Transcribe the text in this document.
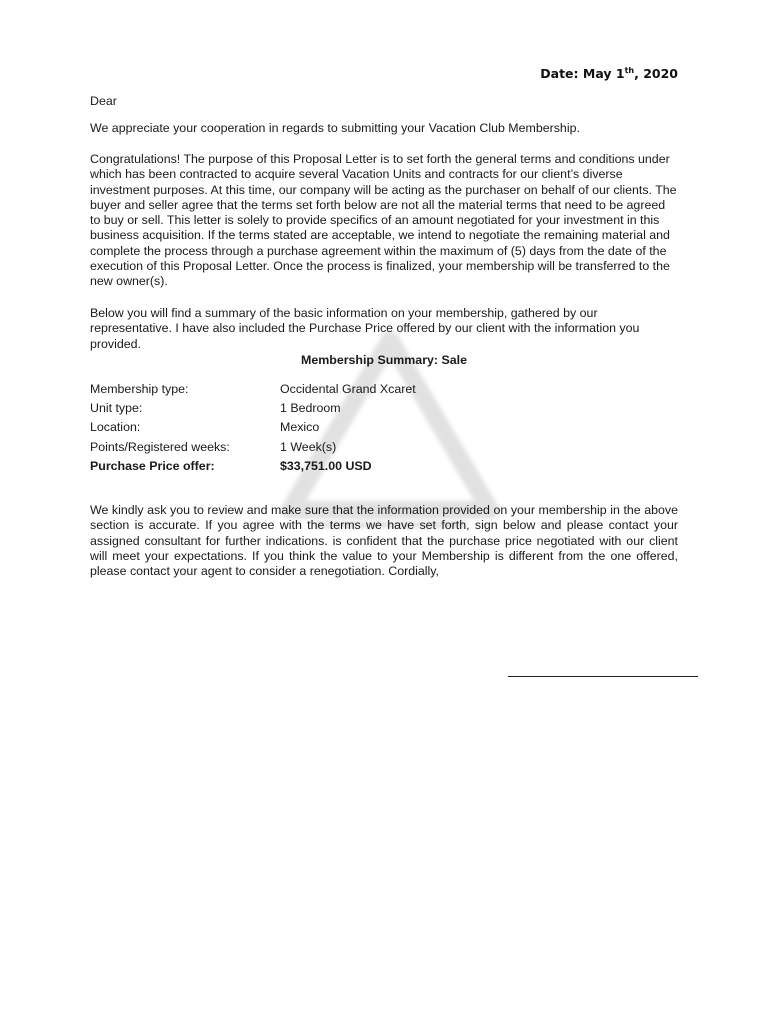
Date: May 1th, 2020
Dear
We appreciate your cooperation in regards to submitting your Vacation Club Membership.
Congratulations! The purpose of this Proposal Letter is to set forth the general terms and conditions under which has been contracted to acquire several Vacation Units and contracts for our client’s diverse investment purposes. At this time, our company will be acting as the purchaser on behalf of our clients. The buyer and seller agree that the terms set forth below are not all the material terms that need to be agreed to buy or sell. This letter is solely to provide specifics of an amount negotiated for your investment in this business acquisition. If the terms stated are acceptable, we intend to negotiate the remaining material and complete the process through a purchase agreement within the maximum of (5) days from the date of the execution of this Proposal Letter. Once the process is finalized, your membership will be transferred to the new owner(s).
Below you will find a summary of the basic information on your membership, gathered by our representative. I have also included the Purchase Price offered by our client with the information you provided.
Membership Summary: Sale
Membership type:	Occidental Grand Xcaret
Unit type:	1 Bedroom
Location:	Mexico
Points/Registered weeks:	1 Week(s)
Purchase Price offer:	$33,751.00 USD
We kindly ask you to review and make sure that the information provided on your membership in the above section is accurate. If you agree with the terms we have set forth, sign below and please contact your assigned consultant for further indications. is confident that the purchase price negotiated with our client will meet your expectations. If you think the value to your Membership is different from the one offered, please contact your agent to consider a renegotiation. Cordially,
